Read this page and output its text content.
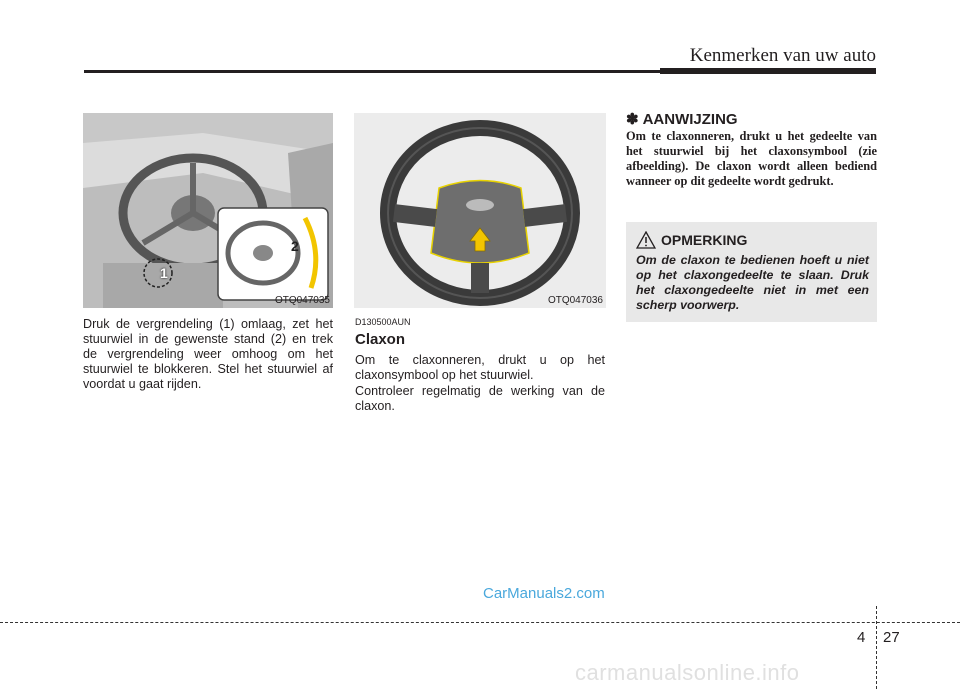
Kenmerken van uw auto
1
2
OTQ047035	OTQ047036
Druk de vergrendeling (1) omlaag, zet het stuurwiel in de gewenste stand (2) en trek de vergrendeling weer omhoog om het stuurwiel te blokkeren. Stel het stuurwiel af voordat u gaat rijden.
D130500AUN
Claxon
Om te claxonneren, drukt u op het claxonsymbool op het stuurwiel.
Controleer regelmatig de werking van de claxon.
✽ AANWIJZING
Om te claxonneren, drukt u het gedeelte van het stuurwiel bij het claxonsymbool (zie afbeelding). De claxon wordt alleen bediend wanneer op dit gedeelte wordt gedrukt.
OPMERKING
Om de claxon te bedienen hoeft u niet op het claxongedeelte te slaan. Druk het claxongedeelte niet in met een scherp voorwerp.
CarManuals2.com
4 27
carmanualsonline.info
